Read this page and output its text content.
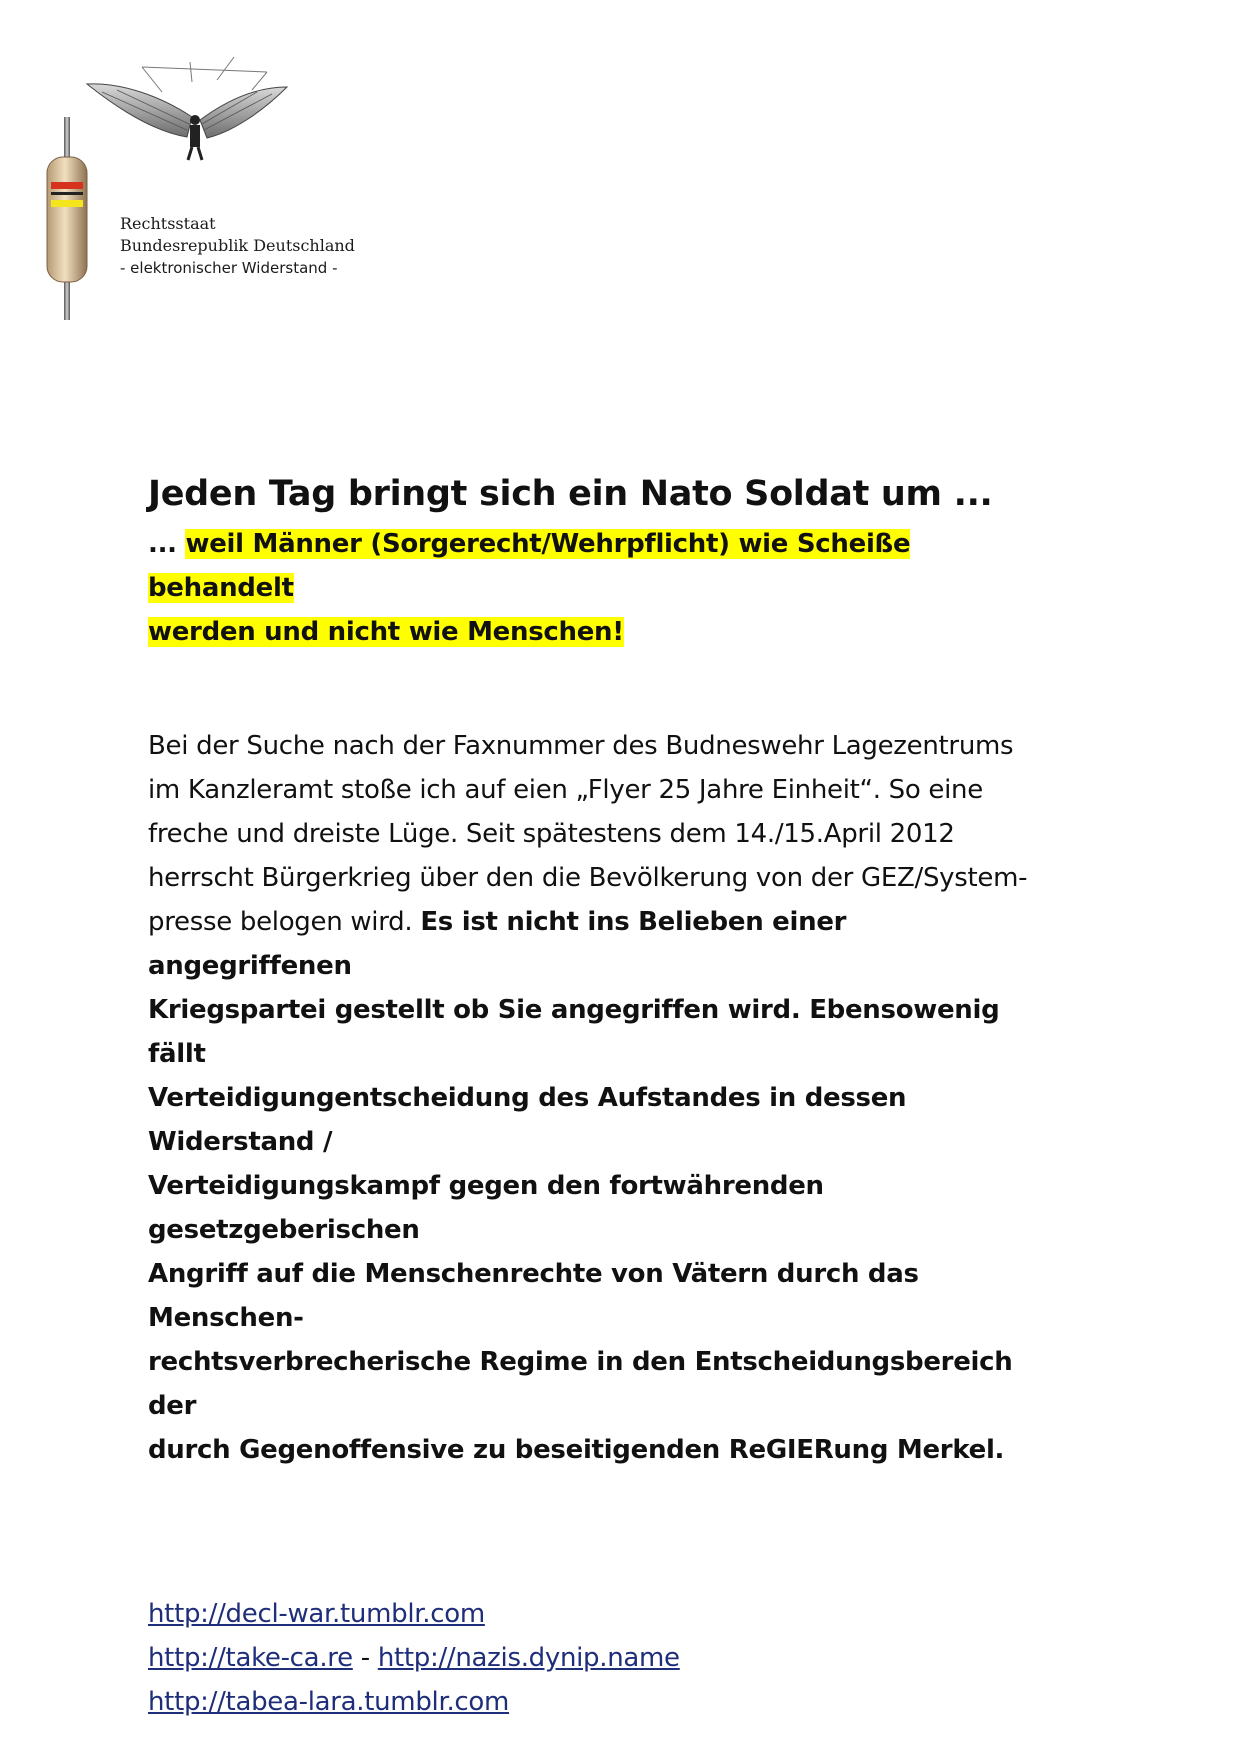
Rechtsstaat
Bundesrepublik Deutschland
- elektronischer Widerstand -
Jeden Tag bringt sich ein Nato Soldat um ...

... weil Männer (Sorgerecht/Wehrpflicht) wie Scheiße behandelt
werden und nicht wie Menschen!

Bei der Suche nach der Faxnummer des Budneswehr Lagezentrums
im Kanzleramt stoße ich auf eien „Flyer 25 Jahre Einheit“. So eine
freche und dreiste Lüge. Seit spätestens dem 14./15.April 2012
herrscht Bürgerkrieg über den die Bevölkerung von der GEZ/System-
presse belogen wird. Es ist nicht ins Belieben einer angegriffenen
Kriegspartei gestellt ob Sie angegriffen wird. Ebensowenig fällt
Verteidigungentscheidung des Aufstandes in dessen Widerstand /
Verteidigungskampf gegen den fortwährenden gesetzgeberischen
Angriff auf die Menschenrechte von Vätern durch das Menschen-
rechtsverbrecherische Regime in den Entscheidungsbereich der
durch Gegenoffensive zu beseitigenden ReGIERung Merkel.
http://decl-war.tumblr.com
http://take-ca.re - http://nazis.dynip.name
http://tabea-lara.tumblr.com
